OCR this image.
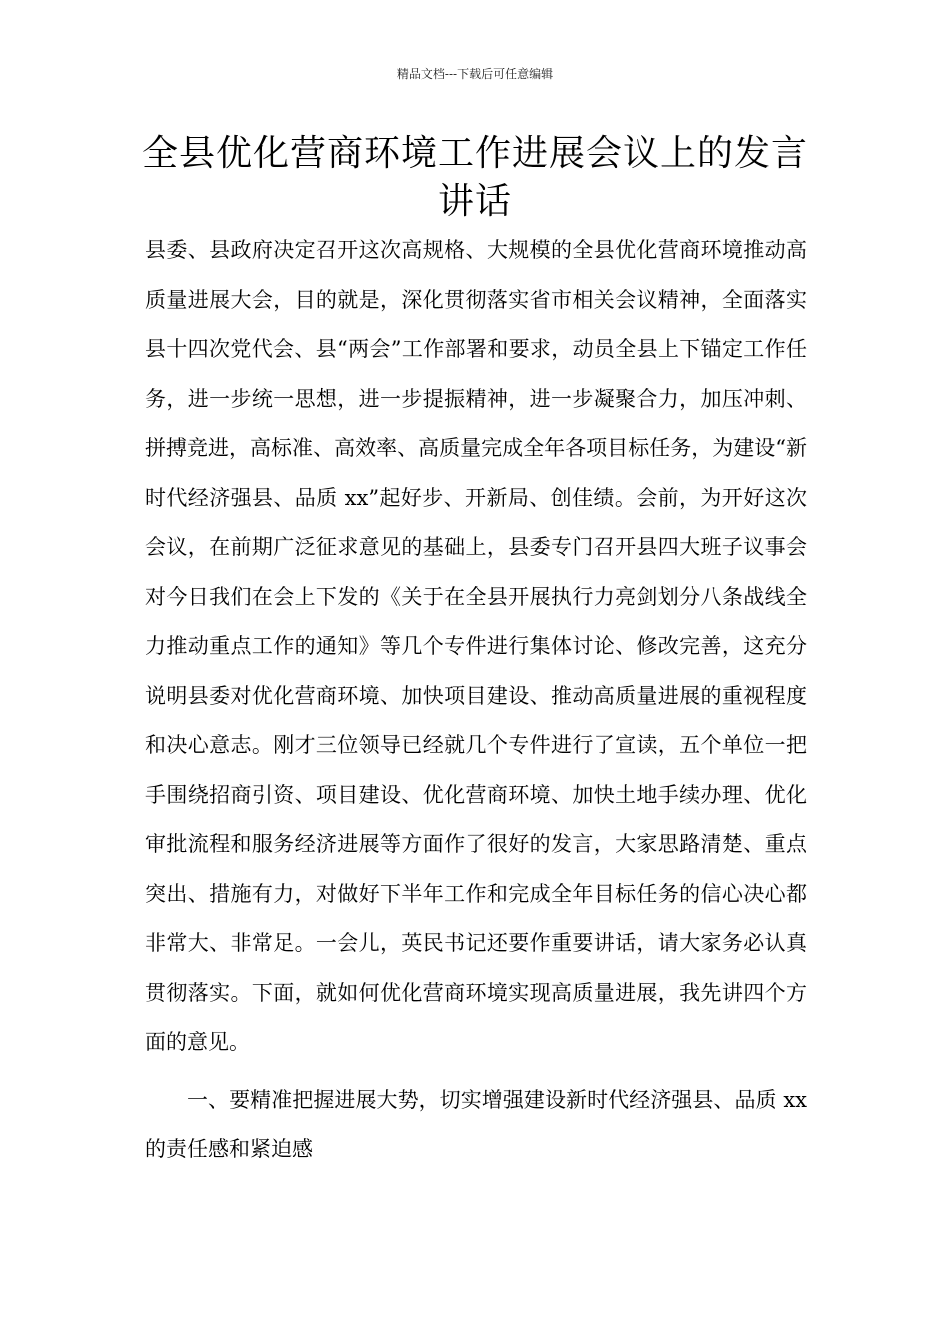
精品文档---下载后可任意编辑
全县优化营商环境工作进展会议上的发言讲话

县委、县政府决定召开这次高规格、大规模的全县优化营商环境推动高质量进展大会，目的就是，深化贯彻落实省市相关会议精神，全面落实县十四次党代会、县“两会”工作部署和要求，动员全县上下锚定工作任务，进一步统一思想，进一步提振精神，进一步凝聚合力，加压冲刺、拼搏竞进，高标准、高效率、高质量完成全年各项目标任务，为建设“新时代经济强县、品质 xx”起好步、开新局、创佳绩。会前，为开好这次会议，在前期广泛征求意见的基础上，县委专门召开县四大班子议事会对今日我们在会上下发的《关于在全县开展执行力亮剑划分八条战线全力推动重点工作的通知》等几个专件进行集体讨论、修改完善，这充分说明县委对优化营商环境、加快项目建设、推动高质量进展的重视程度和决心意志。刚才三位领导已经就几个专件进行了宣读，五个单位一把手围绕招商引资、项目建设、优化营商环境、加快土地手续办理、优化审批流程和服务经济进展等方面作了很好的发言，大家思路清楚、重点突出、措施有力，对做好下半年工作和完成全年目标任务的信心决心都非常大、非常足。一会儿，英民书记还要作重要讲话，请大家务必认真贯彻落实。下面，就如何优化营商环境实现高质量进展，我先讲四个方面的意见。

一、要精准把握进展大势，切实增强建设新时代经济强县、品质 xx 的责任感和紧迫感
